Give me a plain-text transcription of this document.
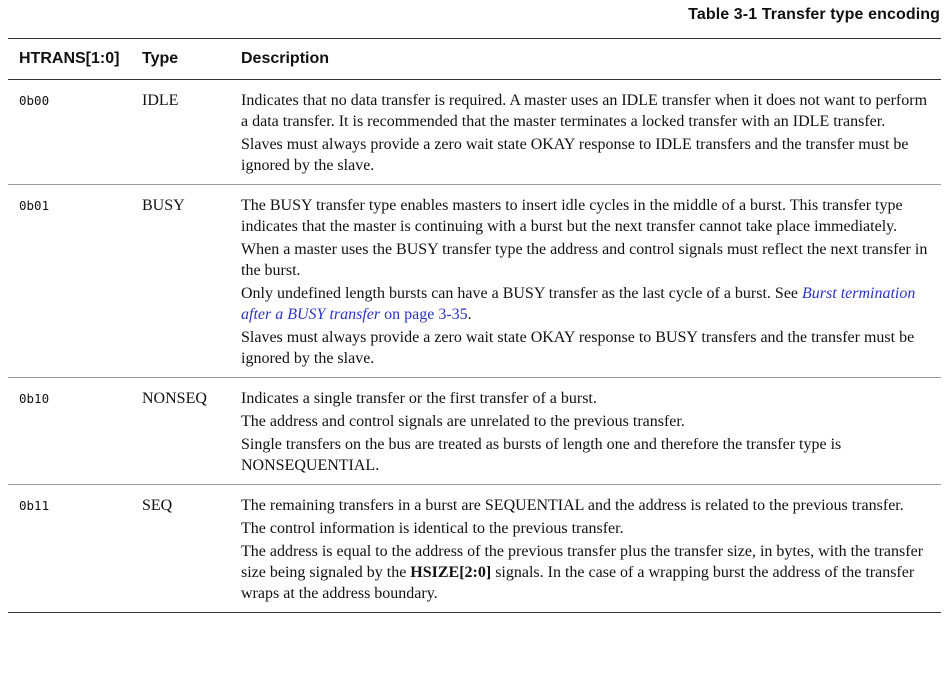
Table 3-1 Transfer type encoding
HTRANS[1:0]	Type	Description
0b00	IDLE	Indicates that no data transfer is required. A master uses an IDLE transfer when it does not want to perform a data transfer. It is recommended that the master terminates a locked transfer with an IDLE transfer.

Slaves must always provide a zero wait state OKAY response to IDLE transfers and the transfer must be ignored by the slave.

0b01	BUSY	The BUSY transfer type enables masters to insert idle cycles in the middle of a burst. This transfer type indicates that the master is continuing with a burst but the next transfer cannot take place immediately.

When a master uses the BUSY transfer type the address and control signals must reflect the next transfer in the burst.

Only undefined length bursts can have a BUSY transfer as the last cycle of a burst. See Burst termination after a BUSY transfer on page 3-35.

Slaves must always provide a zero wait state OKAY response to BUSY transfers and the transfer must be ignored by the slave.

0b10	NONSEQ	Indicates a single transfer or the first transfer of a burst.

The address and control signals are unrelated to the previous transfer.

Single transfers on the bus are treated as bursts of length one and therefore the transfer type is NONSEQUENTIAL.

0b11	SEQ	The remaining transfers in a burst are SEQUENTIAL and the address is related to the previous transfer.

The control information is identical to the previous transfer.

The address is equal to the address of the previous transfer plus the transfer size, in bytes, with the transfer size being signaled by the HSIZE[2:0] signals. In the case of a wrapping burst the address of the transfer wraps at the address boundary.
